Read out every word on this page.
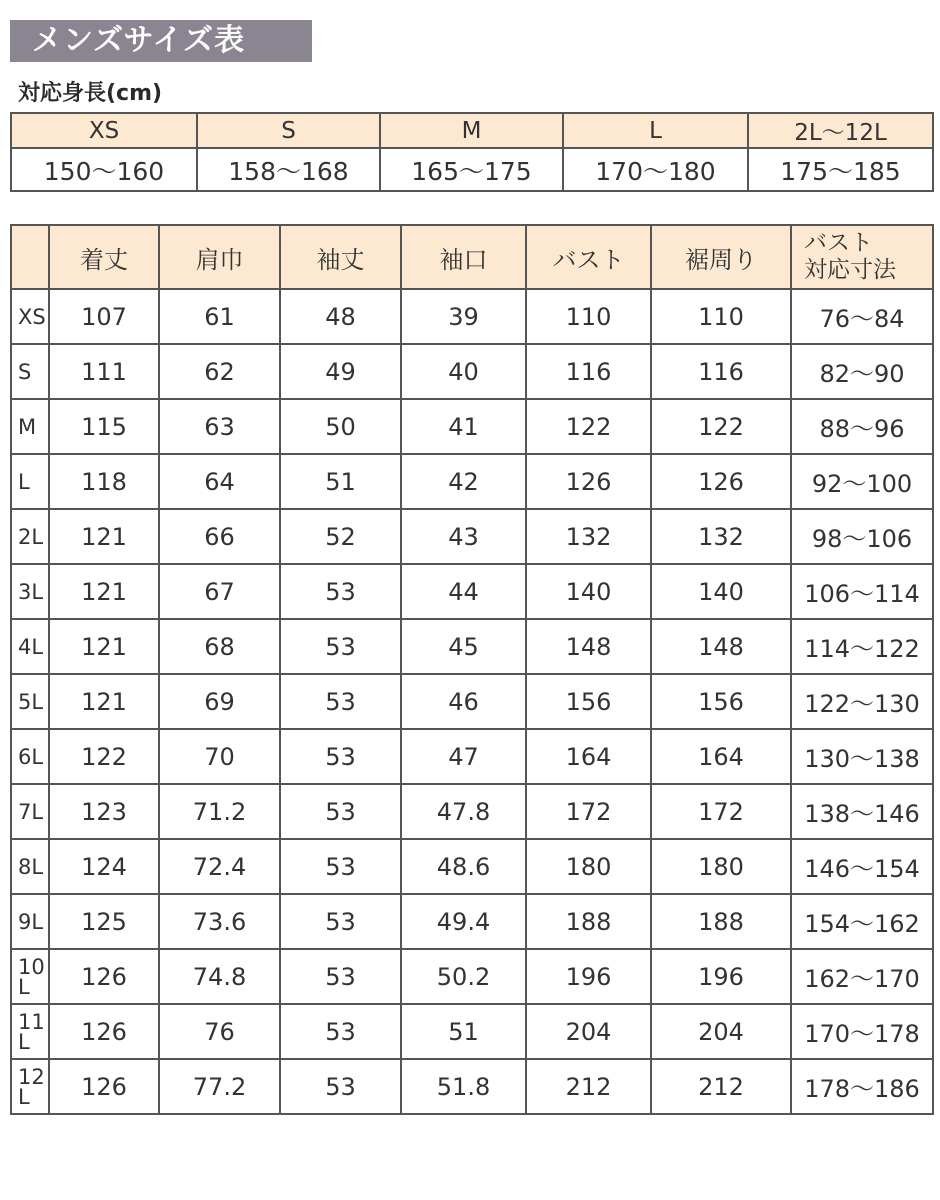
メンズサイズ表
対応身長(cm)
XS	S	M	L	2L〜12L
150〜160	158〜168	165〜175	170〜180	175〜185
	着丈	肩巾	袖丈	袖口	バスト	裾周り	バスト
対応寸法
XS	107	61	48	39	110	110	76〜84
S	111	62	49	40	116	116	82〜90
M	115	63	50	41	122	122	88〜96
L	118	64	51	42	126	126	92〜100
2L	121	66	52	43	132	132	98〜106
3L	121	67	53	44	140	140	106〜114
4L	121	68	53	45	148	148	114〜122
5L	121	69	53	46	156	156	122〜130
6L	122	70	53	47	164	164	130〜138
7L	123	71.2	53	47.8	172	172	138〜146
8L	124	72.4	53	48.6	180	180	146〜154
9L	125	73.6	53	49.4	188	188	154〜162
10L	126	74.8	53	50.2	196	196	162〜170
11L	126	76	53	51	204	204	170〜178
12L	126	77.2	53	51.8	212	212	178〜186
